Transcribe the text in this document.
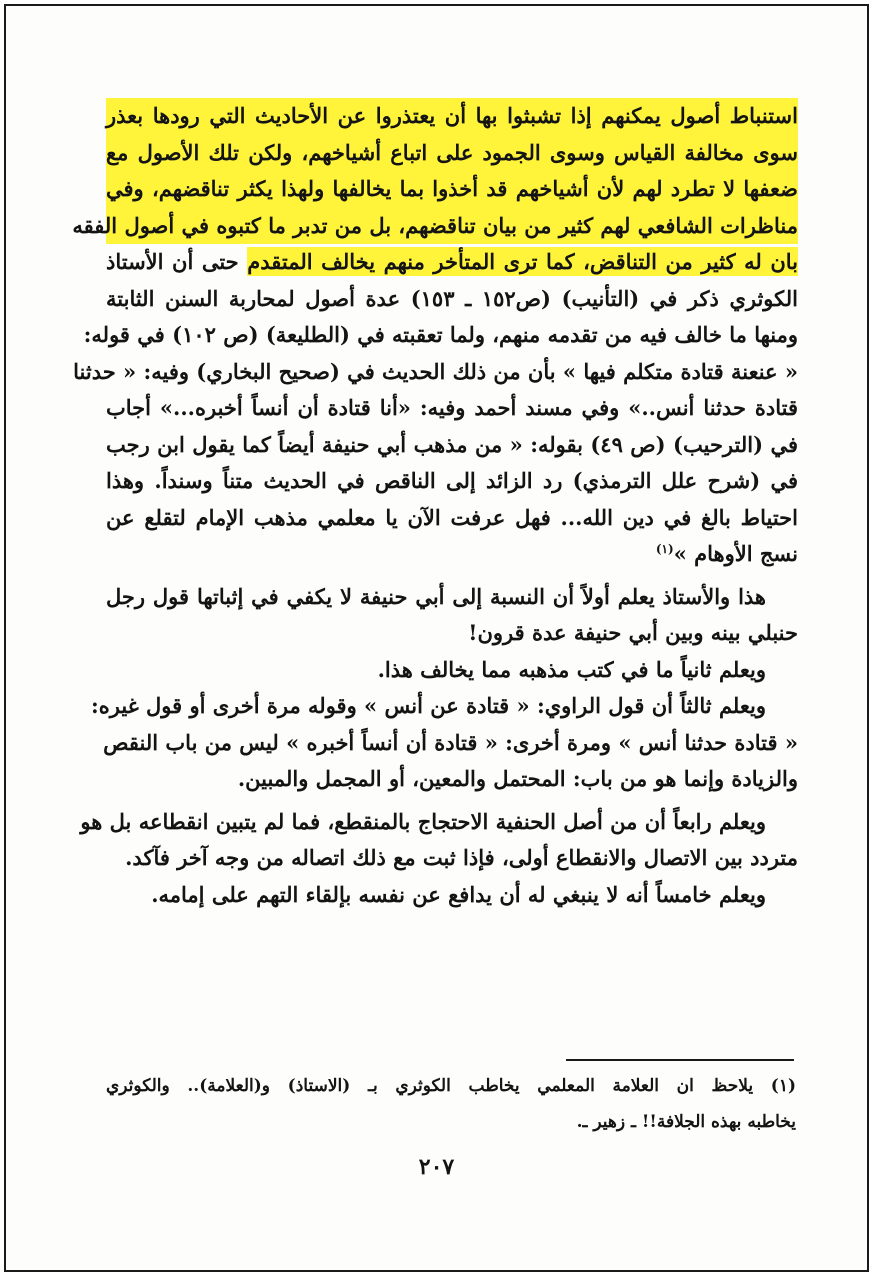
استنباط أصول يمكنهم إذا تشبثوا بها أن يعتذروا عن الأحاديث التي رودها بعذر
سوى مخالفة القياس وسوى الجمود على اتباع أشياخهم، ولكن تلك الأصول مع
ضعفها لا تطرد لهم لأن أشياخهم قد أخذوا بما يخالفها ولهذا يكثر تناقضهم، وفي
مناظرات الشافعي لهم كثير من بيان تناقضهم، بل من تدبر ما كتبوه في أصول الفقه
بان له كثير من التناقض، كما ترى المتأخر منهم يخالف المتقدم حتى أن الأستاذ
الكوثري ذكر في (التأنيب) (ص١٥٢ ـ ١٥٣) عدة أصول لمحاربة السنن الثابتة
ومنها ما خالف فيه من تقدمه منهم، ولما تعقبته في (الطليعة) (ص ١٠٢) في قوله:
« عنعنة قتادة متكلم فيها » بأن من ذلك الحديث في (صحيح البخاري) وفيه: « حدثنا
قتادة حدثنا أنس..» وفي مسند أحمد وفيه: «أنا قتادة أن أنساً أخبره...» أجاب
في (الترحيب) (ص ٤٩) بقوله: « من مذهب أبي حنيفة أيضاً كما يقول ابن رجب
في (شرح علل الترمذي) رد الزائد إلى الناقص في الحديث متناً وسنداً. وهذا
احتياط بالغ في دين الله... فهل عرفت الآن يا معلمي مذهب الإمام لتقلع عن
نسج الأوهام »$^{(١)}$
هذا والأستاذ يعلم أولاً أن النسبة إلى أبي حنيفة لا يكفي في إثباتها قول رجل
حنبلي بينه وبين أبي حنيفة عدة قرون!
ويعلم ثانياً ما في كتب مذهبه مما يخالف هذا.
ويعلم ثالثاً أن قول الراوي: « قتادة عن أنس » وقوله مرة أخرى أو قول غيره:
« قتادة حدثنا أنس » ومرة أخرى: « قتادة أن أنساً أخبره » ليس من باب النقص
والزيادة وإنما هو من باب: المحتمل والمعين، أو المجمل والمبين.
ويعلم رابعاً أن من أصل الحنفية الاحتجاج بالمنقطع، فما لم يتبين انقطاعه بل هو
متردد بين الاتصال والانقطاع أولى، فإذا ثبت مع ذلك اتصاله من وجه آخر فآكد.
ويعلم خامساً أنه لا ينبغي له أن يدافع عن نفسه بإلقاء التهم على إمامه.
(١) يلاحظ ان العلامة المعلمي يخاطب الكوثري بـ (الاستاذ) و(العلامة).. والكوثري
يخاطبه بهذه الجلافة!! ـ زهير ـ.
٢٠٧
